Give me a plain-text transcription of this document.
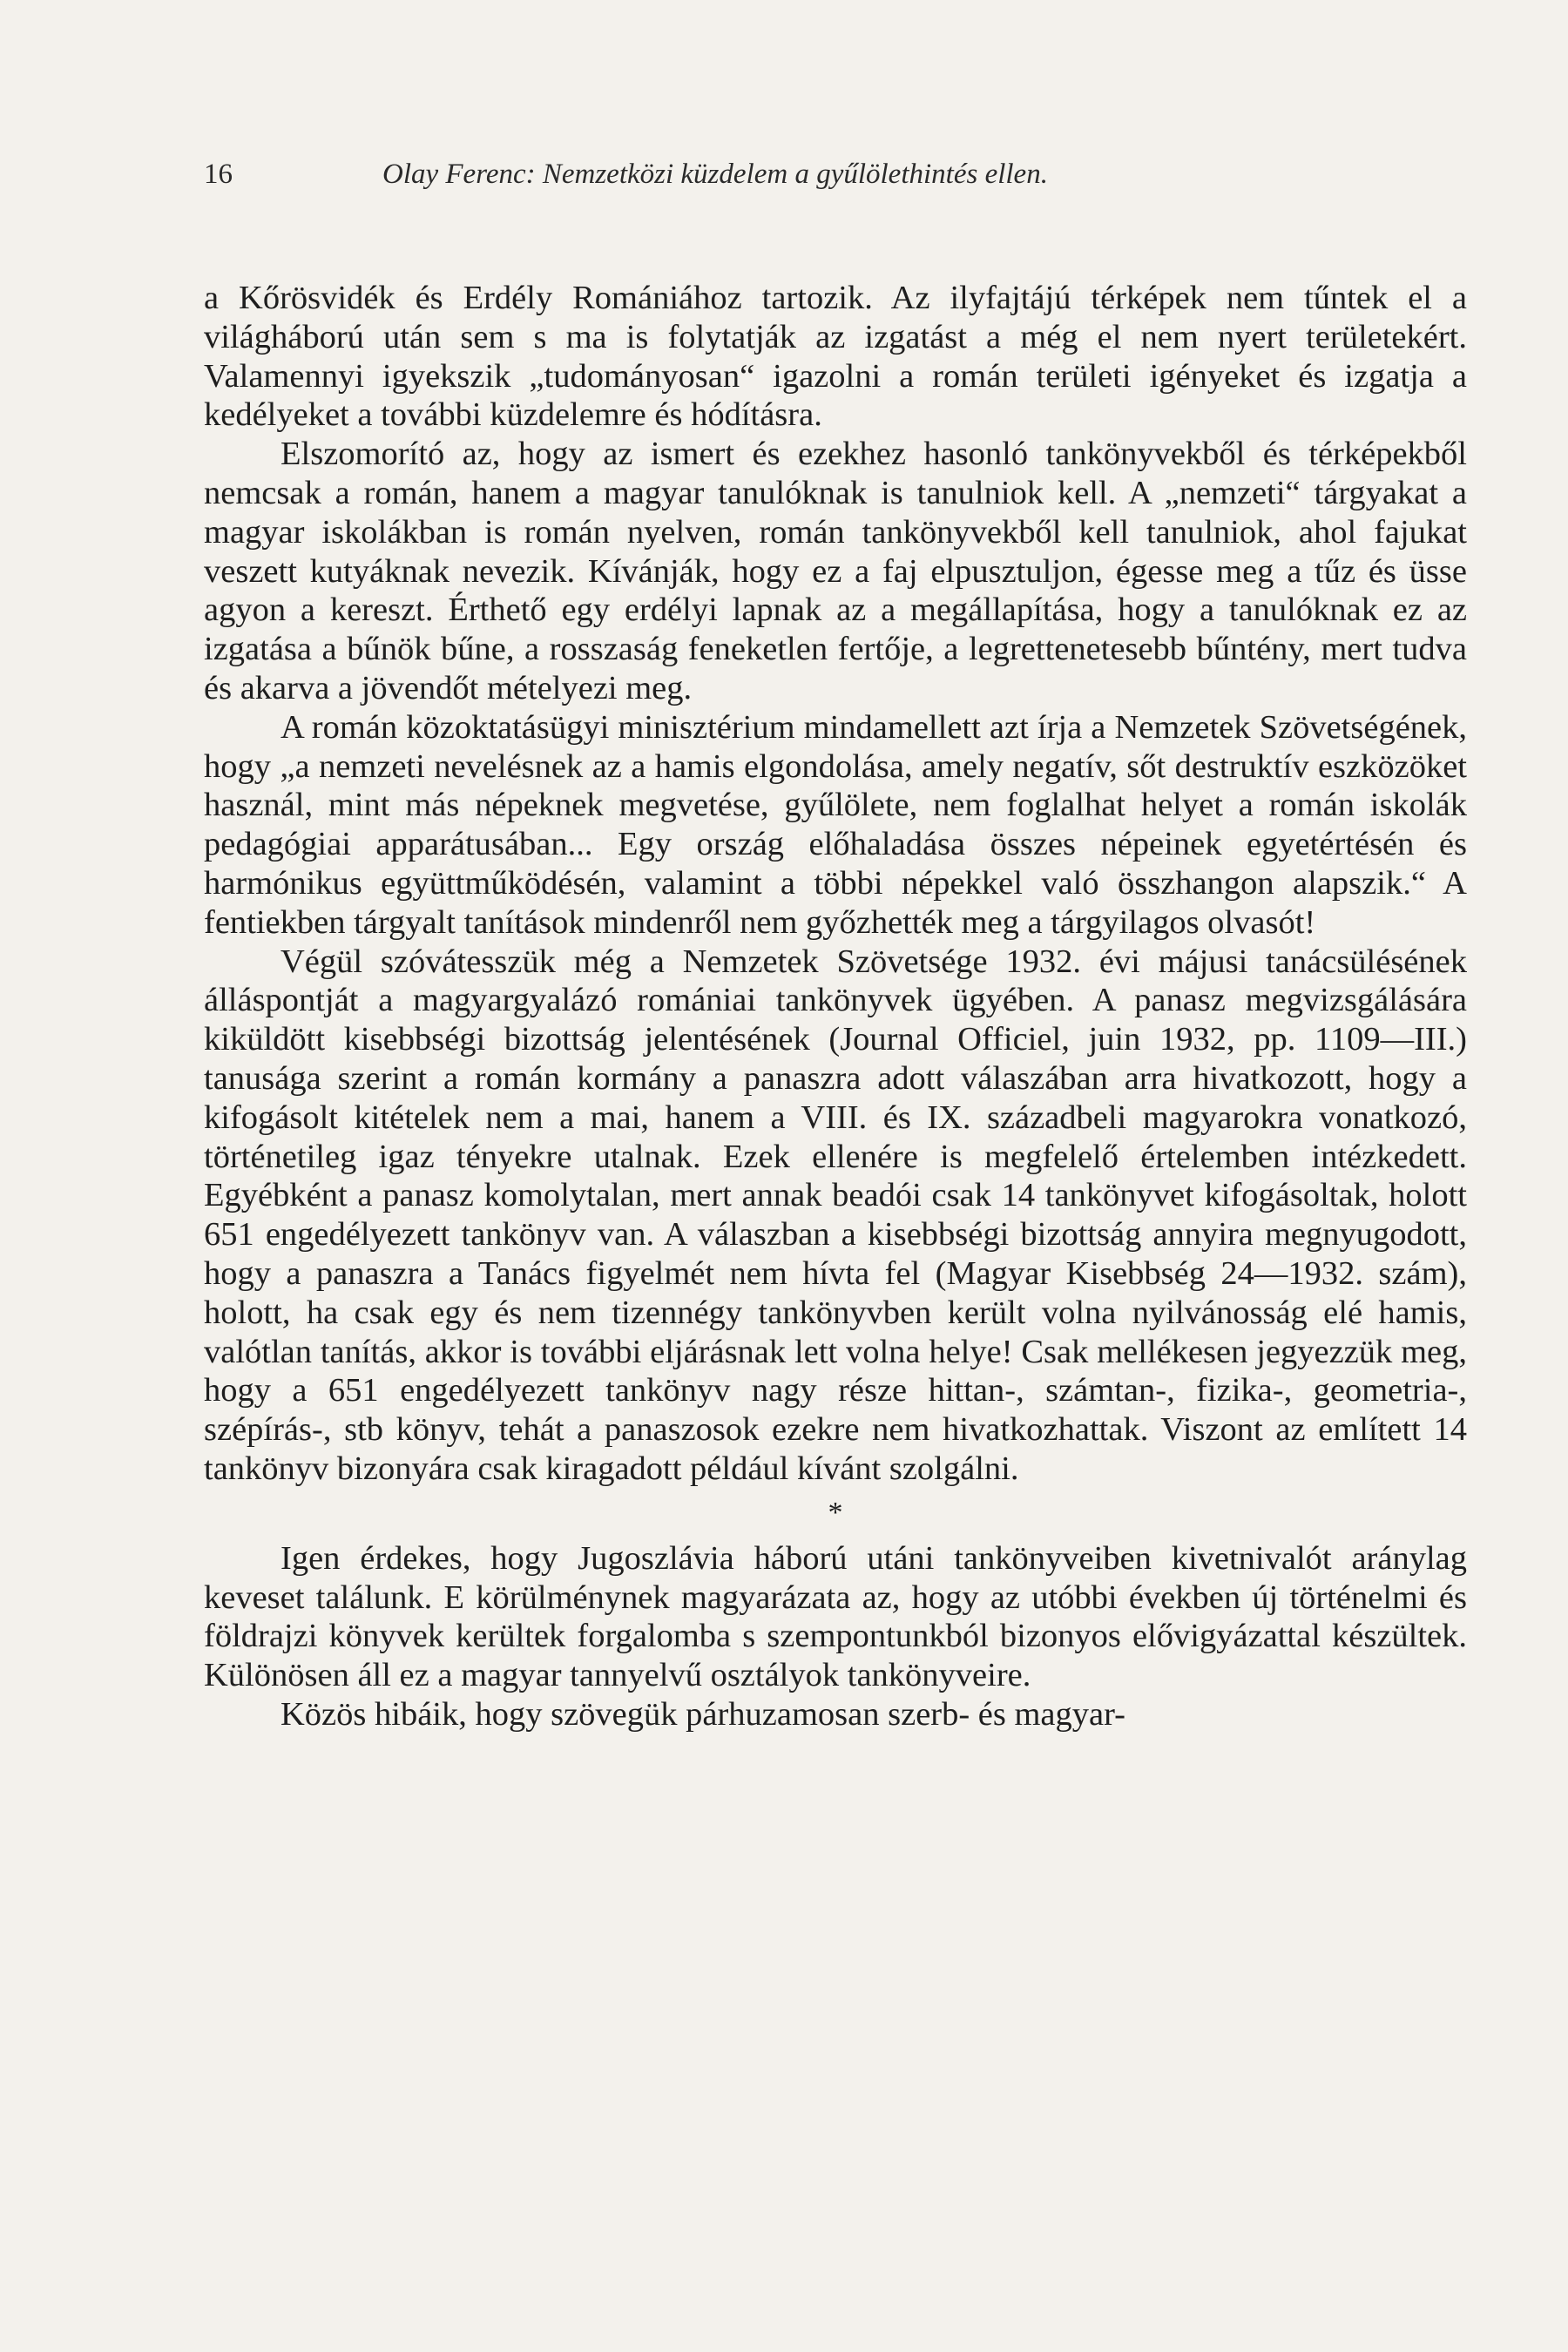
16	Olay Ferenc: Nemzetközi küzdelem a gyűlölethintés ellen.

a Kőrösvidék és Erdély Romániához tartozik. Az ilyfajtájú térképek nem tűntek el a világháború után sem s ma is folytatják az izgatást a még el nem nyert területekért. Valamennyi igyekszik „tudományosan“ igazolni a román területi igényeket és izgatja a kedélyeket a további küzdelemre és hódításra.

Elszomorító az, hogy az ismert és ezekhez hasonló tankönyvekből és térképekből nemcsak a román, hanem a magyar tanulóknak is tanulniok kell. A „nemzeti“ tárgyakat a magyar iskolákban is román nyelven, román tankönyvekből kell tanulniok, ahol fajukat veszett kutyáknak nevezik. Kívánják, hogy ez a faj elpusztuljon, égesse meg a tűz és üsse agyon a kereszt. Érthető egy erdélyi lapnak az a megállapítása, hogy a tanulóknak ez az izgatása a bűnök bűne, a rosszaság feneketlen fertője, a legrettenetesebb bűntény, mert tudva és akarva a jövendőt mételyezi meg.

A román közoktatásügyi minisztérium mindamellett azt írja a Nemzetek Szövetségének, hogy „a nemzeti nevelésnek az a hamis elgondolása, amely negatív, sőt destruktív eszközöket használ, mint más népeknek megvetése, gyűlölete, nem foglalhat helyet a román iskolák pedagógiai apparátusában... Egy ország előhaladása összes népeinek egyetértésén és harmónikus együttműködésén, valamint a többi népekkel való összhangon alapszik.“ A fentiekben tárgyalt tanítások mindenről nem győzhették meg a tárgyilagos olvasót!

Végül szóvátesszük még a Nemzetek Szövetsége 1932. évi májusi tanácsülésének álláspontját a magyargyalázó romániai tankönyvek ügyében. A panasz megvizsgálására kiküldött kisebbségi bizottság jelentésének (Journal Officiel, juin 1932, pp. 1109—III.) tanusága szerint a román kormány a panaszra adott válaszában arra hivatkozott, hogy a kifogásolt kitételek nem a mai, hanem a VIII. és IX. századbeli magyarokra vonatkozó, történetileg igaz tényekre utalnak. Ezek ellenére is megfelelő értelemben intézkedett. Egyébként a panasz komolytalan, mert annak beadói csak 14 tankönyvet kifogásoltak, holott 651 engedélyezett tankönyv van. A válaszban a kisebbségi bizottság annyira megnyugodott, hogy a panaszra a Tanács figyelmét nem hívta fel (Magyar Kisebbség 24—1932. szám), holott, ha csak egy és nem tizennégy tankönyvben került volna nyilvánosság elé hamis, valótlan tanítás, akkor is további eljárásnak lett volna helye! Csak mellékesen jegyezzük meg, hogy a 651 engedélyezett tankönyv nagy része hittan-, számtan-, fizika-, geometria-, szépírás-, stb könyv, tehát a panaszosok ezekre nem hivatkozhattak. Viszont az említett 14 tankönyv bizonyára csak kiragadott például kívánt szolgálni.

*

Igen érdekes, hogy Jugoszlávia háború utáni tankönyveiben kivetnivalót aránylag keveset találunk. E körülménynek magyarázata az, hogy az utóbbi években új történelmi és földrajzi könyvek kerültek forgalomba s szempontunkból bizonyos elővigyázattal készültek. Különösen áll ez a magyar tannyelvű osztályok tankönyveire.

Közös hibáik, hogy szövegük párhuzamosan szerb- és magyar-
